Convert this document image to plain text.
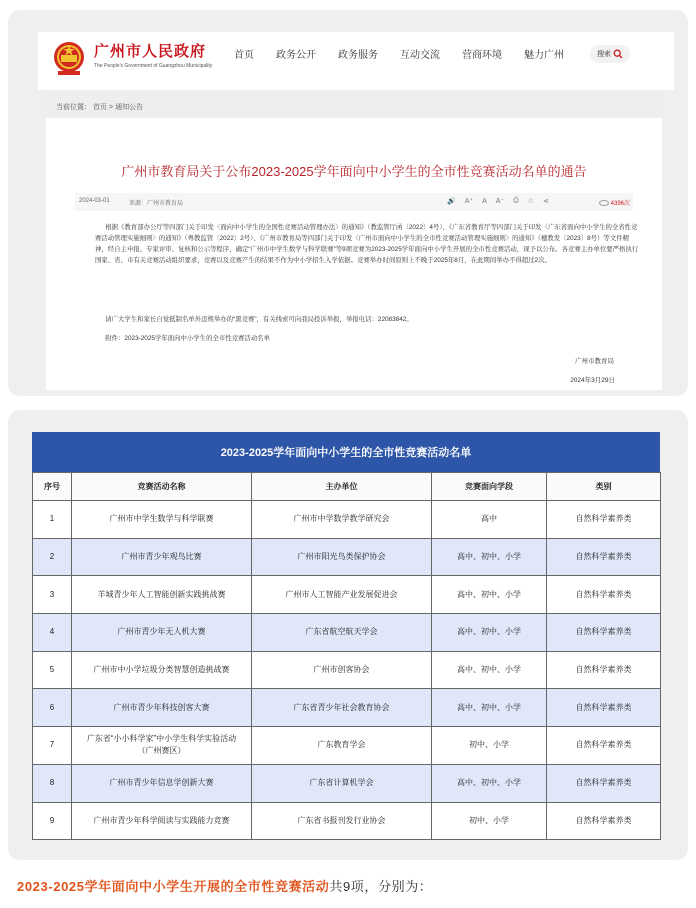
广州市人民政府
The People's Government of Guangzhou Municipality
首页 政务公开 政务服务 互动交流 营商环境 魅力广州	搜索
当前位置： 首页 > 通知公告
广州市教育局关于公布2023-2025学年面向中小学生的全市性竞赛活动名单的通告
2024-03-01	来源：广州市教育局	🔊 A⁺ A A⁻ ⎙ ☆ ⋖	4396次

根据《教育部办公厅等四部门关于印发〈面向中小学生的全国性竞赛活动管理办法〉的通知》（教监管厅函〔2022〕4号）、《广东省教育厅等四部门关于印发〈广东省面向中小学生的全省性竞赛活动管理实施细则〉的通知》（粤教监管〔2022〕2号）、《广州市教育局等四部门关于印发〈广州市面向中小学生的全市性竞赛活动管理实施细则〉的通知》（穗教发〔2023〕8号）等文件精神，经自主申报、专家评审、复核和公示等程序，确定“广州市中学生数学与科学联赛”等9项竞赛为2023-2025学年面向中小学生开展的全市性竞赛活动，现予以公布。各竞赛主办单位要严格执行国家、省、市有关竞赛活动组织要求，竞赛以及竞赛产生的结果不作为中小学招生入学依据。竞赛举办时间原则上不晚于2025年8月，在此期间举办不得超过2次。

请广大学生和家长自觉抵制名单外违规举办的“黑竞赛”，有关线索可向我局投诉举报，举报电话：22083842。

附件：2023-2025学年面向中小学生的全市性竞赛活动名单

广州市教育局
2024年3月29日
2023-2025学年面向中小学生的全市性竞赛活动名单
序号	竞赛活动名称	主办单位	竞赛面向学段	类别
1	广州市中学生数学与科学联赛	广州市中学数学教学研究会	高中	自然科学素养类
2	广州市青少年观鸟比赛	广州市阳光鸟类保护协会	高中、初中、小学	自然科学素养类
3	羊城青少年人工智能创新实践挑战赛	广州市人工智能产业发展促进会	高中、初中、小学	自然科学素养类
4	广州市青少年无人机大赛	广东省航空航天学会	高中、初中、小学	自然科学素养类
5	广州市中小学垃圾分类智慧创造挑战赛	广州市创客协会	高中、初中、小学	自然科学素养类
6	广州市青少年科技创客大赛	广东省青少年社会教育协会	高中、初中、小学	自然科学素养类
7	广东省“小小科学家”中小学生科学实验活动（广州赛区）	广东教育学会	初中、小学	自然科学素养类
8	广州市青少年信息学创新大赛	广东省计算机学会	高中、初中、小学	自然科学素养类
9	广州市青少年科学阅读与实践能力竞赛	广东省书报刊发行业协会	初中、小学	自然科学素养类
2023-2025学年面向中小学生开展的全市性竞赛活动共9项，分别为：
